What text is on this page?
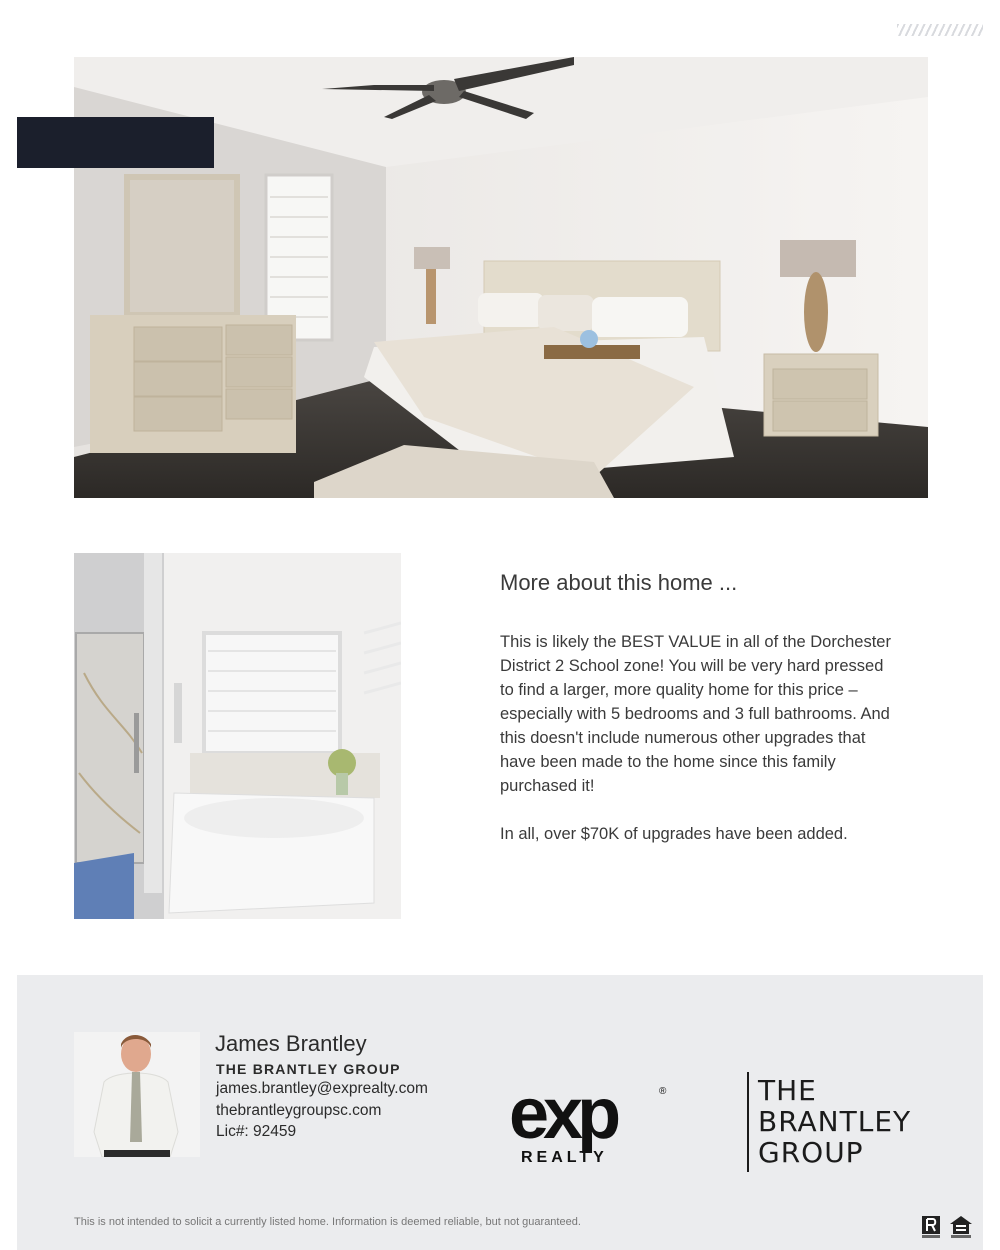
More about this home ...

This is likely the BEST VALUE in all of the Dorchester District 2 School zone! You will be very hard pressed to find a larger, more quality home for this price – especially with 5 bedrooms and 3 full bathrooms. And this doesn't include numerous other upgrades that have been made to the home since this family purchased it!

In all, over $70K of upgrades have been added.

James Brantley
THE BRANTLEY GROUP
james.brantley@exprealty.com
thebrantleygroupsc.com
Lic#: 92459	exp	®
REALTY
THE
BRANTLEY
GROUP
This is not intended to solicit a currently listed home. Information is deemed reliable, but not guaranteed.
